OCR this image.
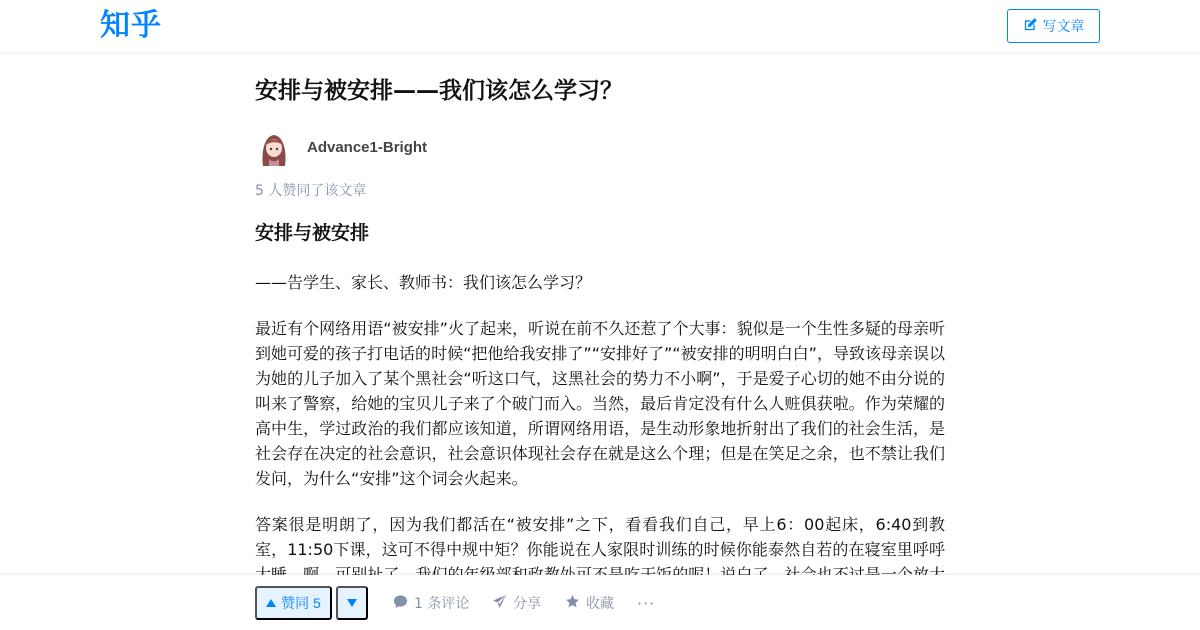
知乎	写文章
安排与被安排——我们该怎么学习？
Advance1-Bright
5 人赞同了该文章
安排与被安排

——告学生、家长、教师书：我们该怎么学习？

最近有个网络用语“被安排”火了起来，听说在前不久还惹了个大事：貌似是一个生性多疑的母亲听到她可爱的孩子打电话的时候“把他给我安排了”“安排好了”“被安排的明明白白”，导致该母亲误以为她的儿子加入了某个黑社会“听这口气，这黑社会的势力不小啊”，于是爱子心切的她不由分说的叫来了警察，给她的宝贝儿子来了个破门而入。当然，最后肯定没有什么人赃俱获啦。作为荣耀的高中生，学过政治的我们都应该知道，所谓网络用语，是生动形象地折射出了我们的社会生活，是社会存在决定的社会意识，社会意识体现社会存在就是这么个理；但是在笑足之余，也不禁让我们发问，为什么“安排”这个词会火起来。

答案很是明朗了，因为我们都活在“被安排”之下，看看我们自己，早上6：00起床，6:40到教室，11:50下课，这可不得中规中矩？你能说在人家限时训练的时候你能泰然自若的在寝室里呼呼

赞同 5	1 条评论	分享	收藏 ···
